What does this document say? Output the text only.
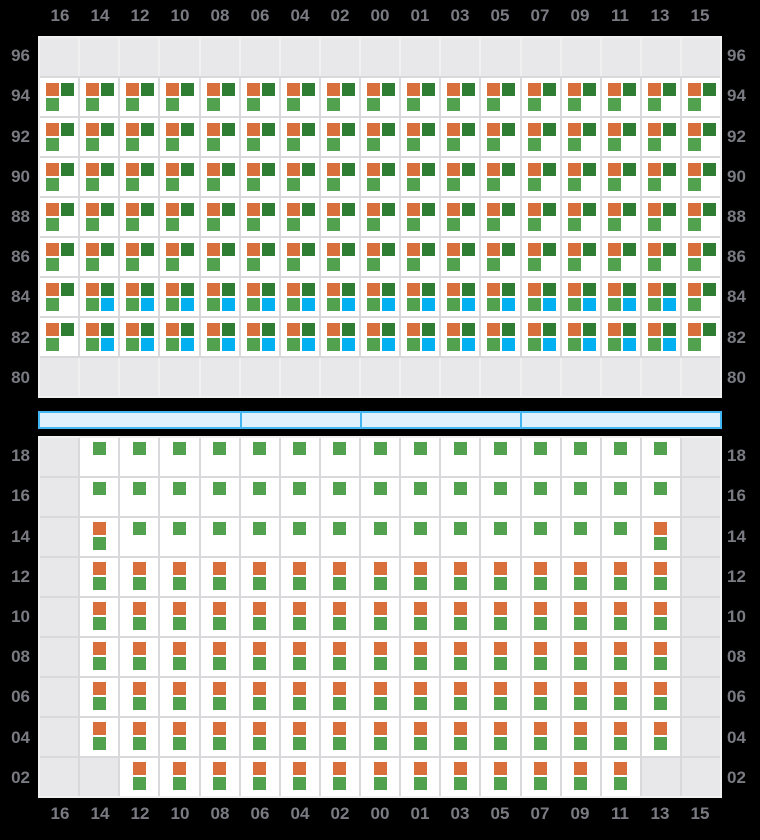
16	14	12	10	08	06	04	02	00	01	03	05	07	09	11	13	15
96
94
92
90
88
86
84
82
80
96
94
92
90
88
86
84
82
80
18
16
14
12
10
08
06
04
02
18
16
14
12
10
08
06
04
02
16	14	12	10	08	06	04	02	00	01	03	05	07	09	11	13	15
